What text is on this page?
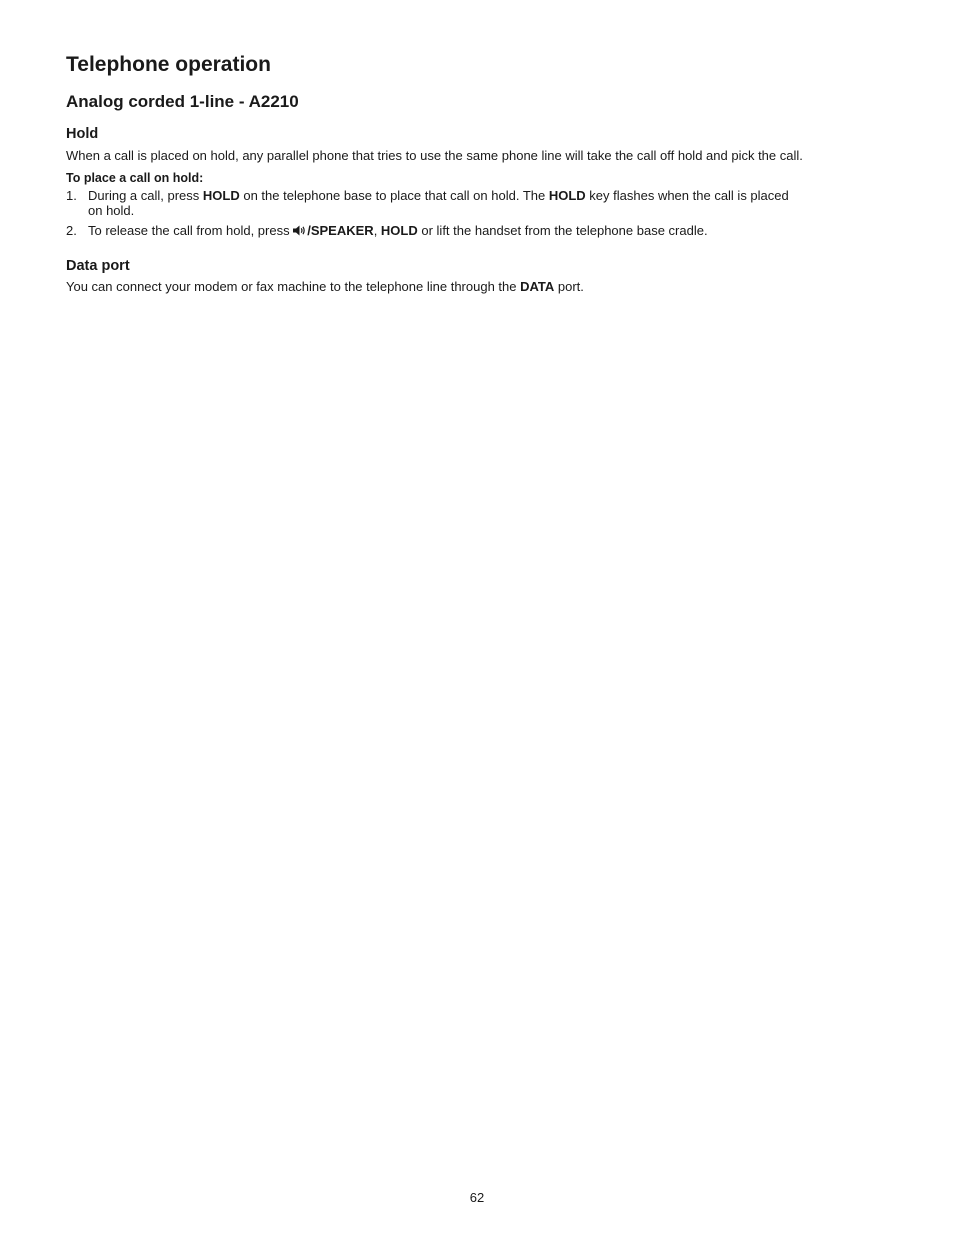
Telephone operation
Analog corded 1-line - A2210
Hold

When a call is placed on hold, any parallel phone that tries to use the same phone line will take the call off hold and pick the call.

To place a call on hold:

1. During a call, press HOLD on the telephone base to place that call on hold. The HOLD key flashes when the call is placed
on hold.
2. To release the call from hold, press /SPEAKER, HOLD or lift the handset from the telephone base cradle.
Data port

You can connect your modem or fax machine to the telephone line through the DATA port.

62
